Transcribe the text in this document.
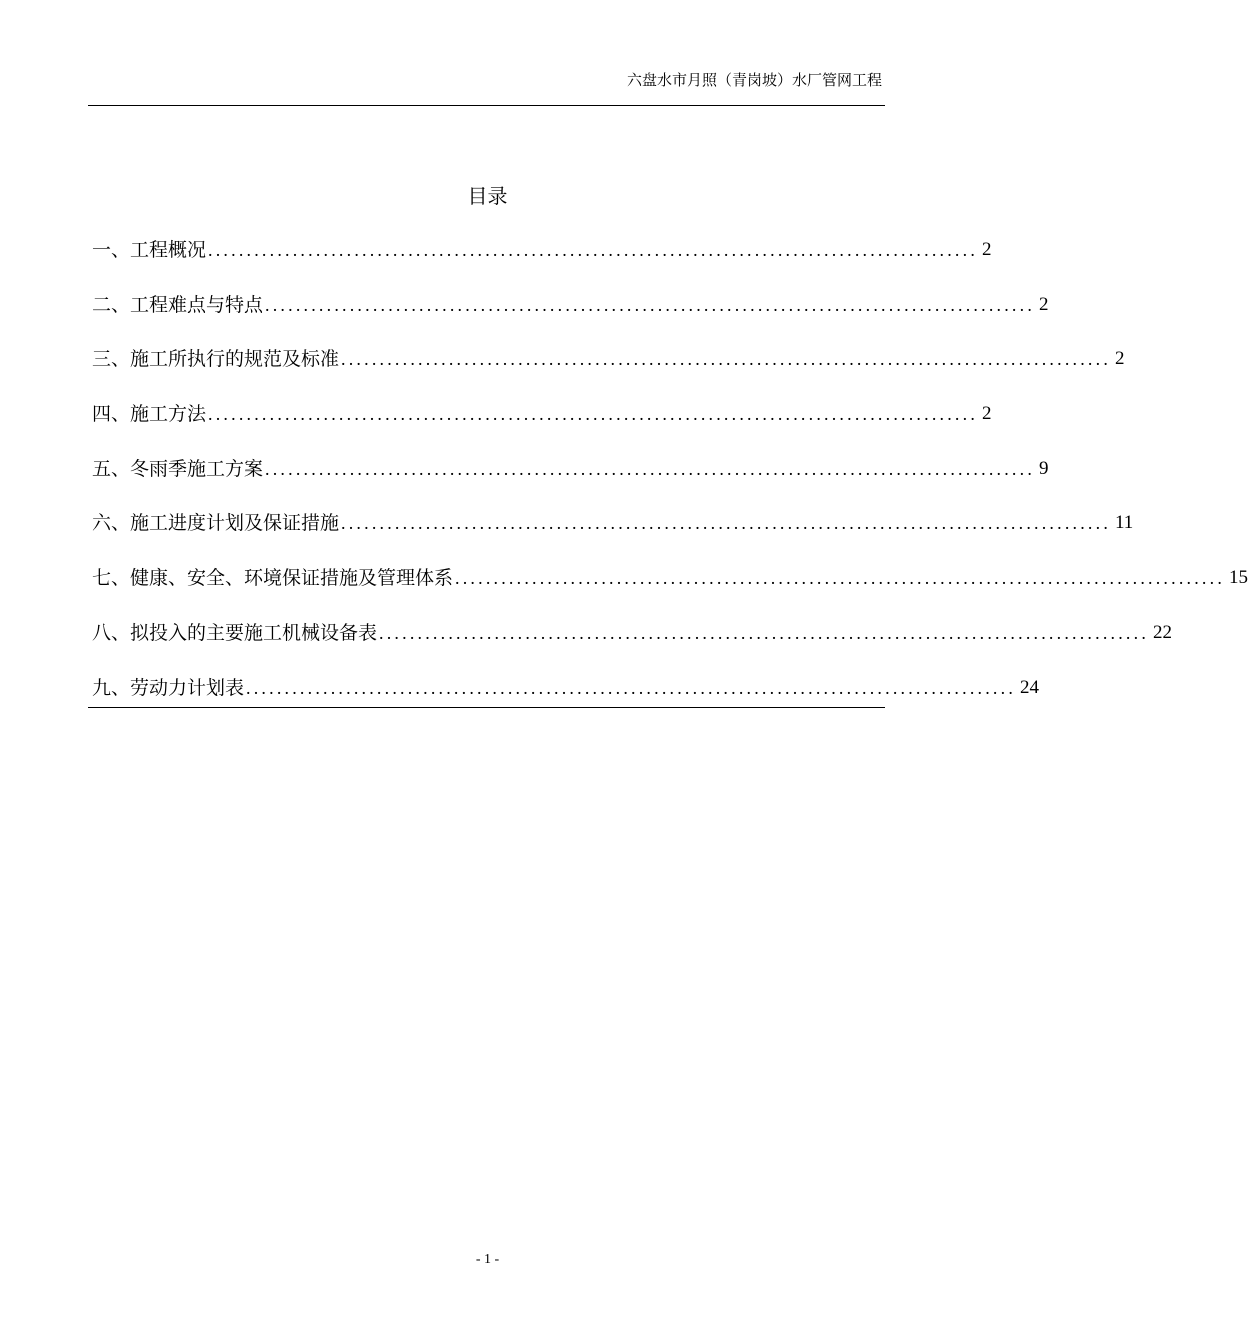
六盘水市月照（青岗坡）水厂管网工程
目录
一、工程概况 .................................................................................................... 2
二、工程难点与特点 .................................................................................................... 2
三、施工所执行的规范及标准 .................................................................................................... 2
四、施工方法 .................................................................................................... 2
五、冬雨季施工方案 .................................................................................................... 9
六、施工进度计划及保证措施 .................................................................................................... 11
七、健康、安全、环境保证措施及管理体系 .................................................................................................... 15
八、拟投入的主要施工机械设备表 .................................................................................................... 22
九、劳动力计划表 .................................................................................................... 24
- 1 -
